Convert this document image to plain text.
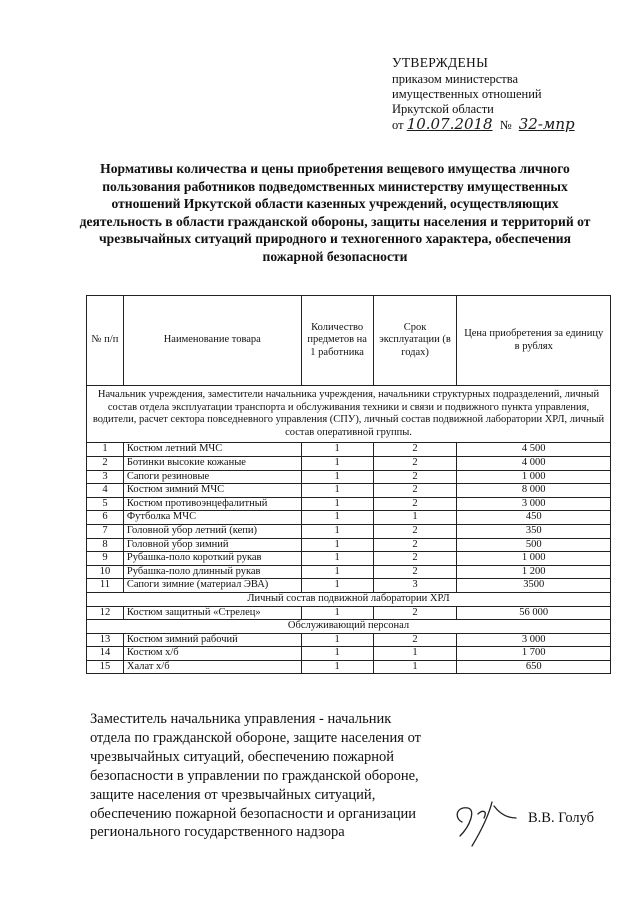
УТВЕРЖДЕНЫ
приказом министерства
имущественных отношений
Иркутской области
от 10.07.2018 № 32-мпр
Нормативы количества и цены приобретения вещевого имущества личного пользования работников подведомственных министерству имущественных отношений Иркутской области казенных учреждений, осуществляющих деятельность в области гражданской обороны, защиты населения и территорий от чрезвычайных ситуаций природного и техногенного характера, обеспечения пожарной безопасности
№ п/п	Наименование товара	Количество предметов на 1 работника	Срок эксплуатации (в годах)	Цена приобретения за единицу в рублях
Начальник учреждения, заместители начальника учреждения, начальники структурных подразделений, личный состав отдела эксплуатации транспорта и обслуживания техники и связи и подвижного пункта управления, водители, расчет сектора повседневного управления (СПУ), личный состав подвижной лаборатории ХРЛ, личный состав оперативной группы.				
1	Костюм летний МЧС	1	2	4 500
2	Ботинки высокие кожаные	1	2	4 000
3	Сапоги резиновые	1	2	1 000
4	Костюм зимний МЧС	1	2	8 000
5	Костюм противоэнцефалитный	1	2	3 000
6	Футболка МЧС	1	1	450
7	Головной убор летний (кепи)	1	2	350
8	Головной убор зимний	1	2	500
9	Рубашка-поло короткий рукав	1	2	1 000
10	Рубашка-поло длинный рукав	1	2	1 200
11	Сапоги зимние (материал ЭВА)	1	3	3500
Личный состав подвижной лаборатории ХРЛ				
12	Костюм защитный «Стрелец»	1	2	56 000
Обслуживающий персонал				
13	Костюм зимний рабочий	1	2	3 000
14	Костюм х/б	1	1	1 700
15	Халат х/б	1	1	650
Заместитель начальника управления - начальник отдела по гражданской обороне, защите населения от чрезвычайных ситуаций, обеспечению пожарной безопасности в управлении по гражданской обороне, защите населения от чрезвычайных ситуаций, обеспечению пожарной безопасности и организации регионального государственного надзора
В.В. Голуб
